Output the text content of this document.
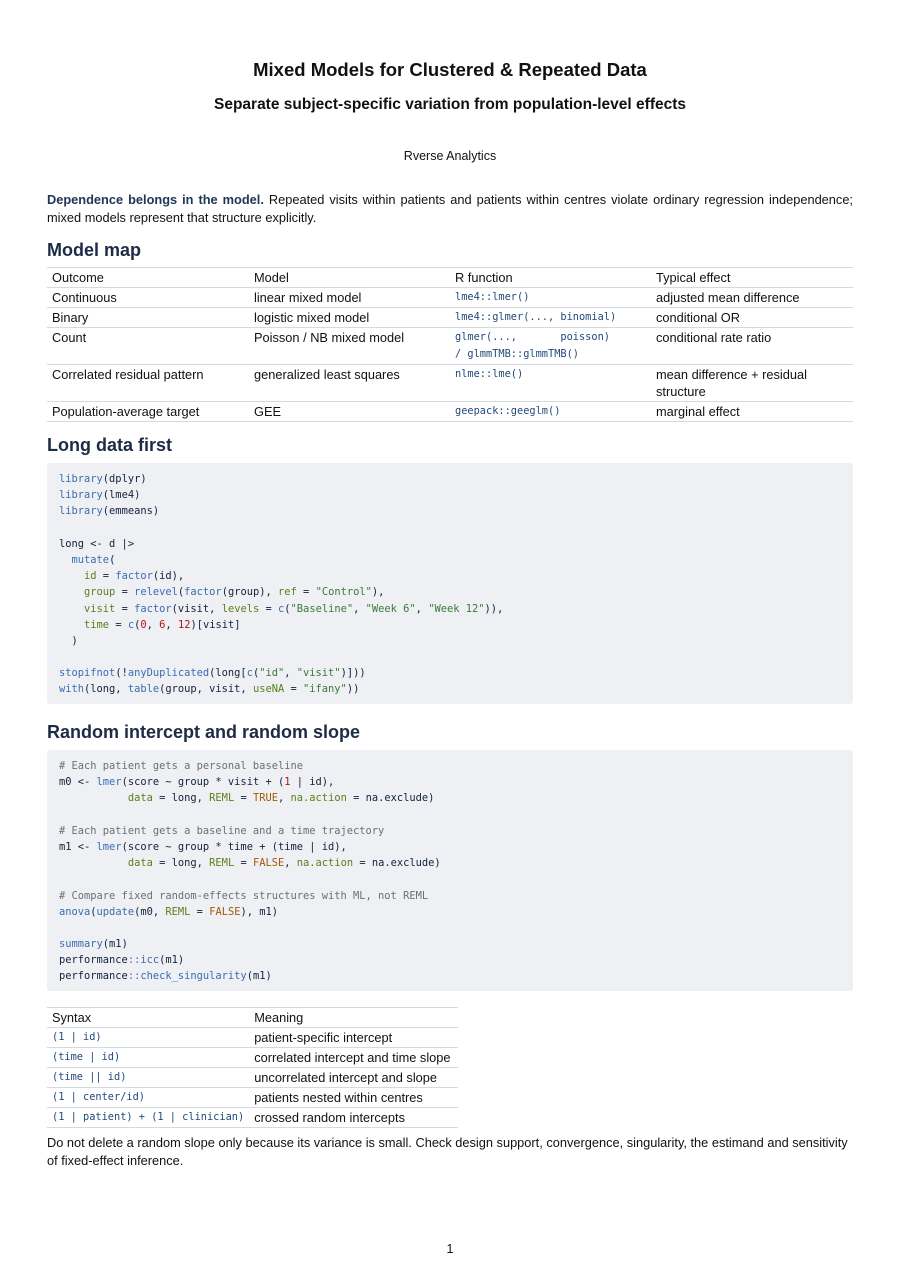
Mixed Models for Clustered & Repeated Data
Separate subject-specific variation from population-level effects
Rverse Analytics

Dependence belongs in the model. Repeated visits within patients and patients within centres violate ordinary regression independence; mixed models represent that structure explicitly.

Model map
Outcome	Model	R function	Typical effect
Continuous	linear mixed model	lme4::lmer()	adjusted mean difference
Binary	logistic mixed model	lme4::glmer(..., binomial)	conditional OR
Count	Poisson / NB mixed model	glmer(...,       poisson)      / glmmTMB::glmmTMB()	conditional rate ratio
Correlated residual pattern	generalized least squares	nlme::lme()	mean difference + residual structure
Population-average target	GEE	geepack::geeglm()	marginal effect
Long data first
library(dplyr)
library(lme4)
library(emmeans)

long <- d |>
mutate(
id = factor(id),
group = relevel(factor(group), ref = "Control"),
visit = factor(visit, levels = c("Baseline", "Week 6", "Week 12")),
time = c(0, 6, 12)[visit]
)

stopifnot(!anyDuplicated(long[c("id", "visit")]))
with(long, table(group, visit, useNA = "ifany"))
Random intercept and random slope
# Each patient gets a personal baseline
m0 <- lmer(score ~ group * visit + (1 | id),
data = long, REML = TRUE, na.action = na.exclude)

# Each patient gets a baseline and a time trajectory
m1 <- lmer(score ~ group * time + (time | id),
data = long, REML = FALSE, na.action = na.exclude)

# Compare fixed random-effects structures with ML, not REML
anova(update(m0, REML = FALSE), m1)

summary(m1)
performance::icc(m1)
performance::check_singularity(m1)
Syntax	Meaning
(1 | id)	patient-specific intercept
(time | id)	correlated intercept and time slope
(time || id)	uncorrelated intercept and slope
(1 | center/id)	patients nested within centres
(1 | patient) + (1 | clinician)	crossed random intercepts

Do not delete a random slope only because its variance is small. Check design support, convergence, singularity, the estimand and sensitivity of fixed-effect inference.

1
